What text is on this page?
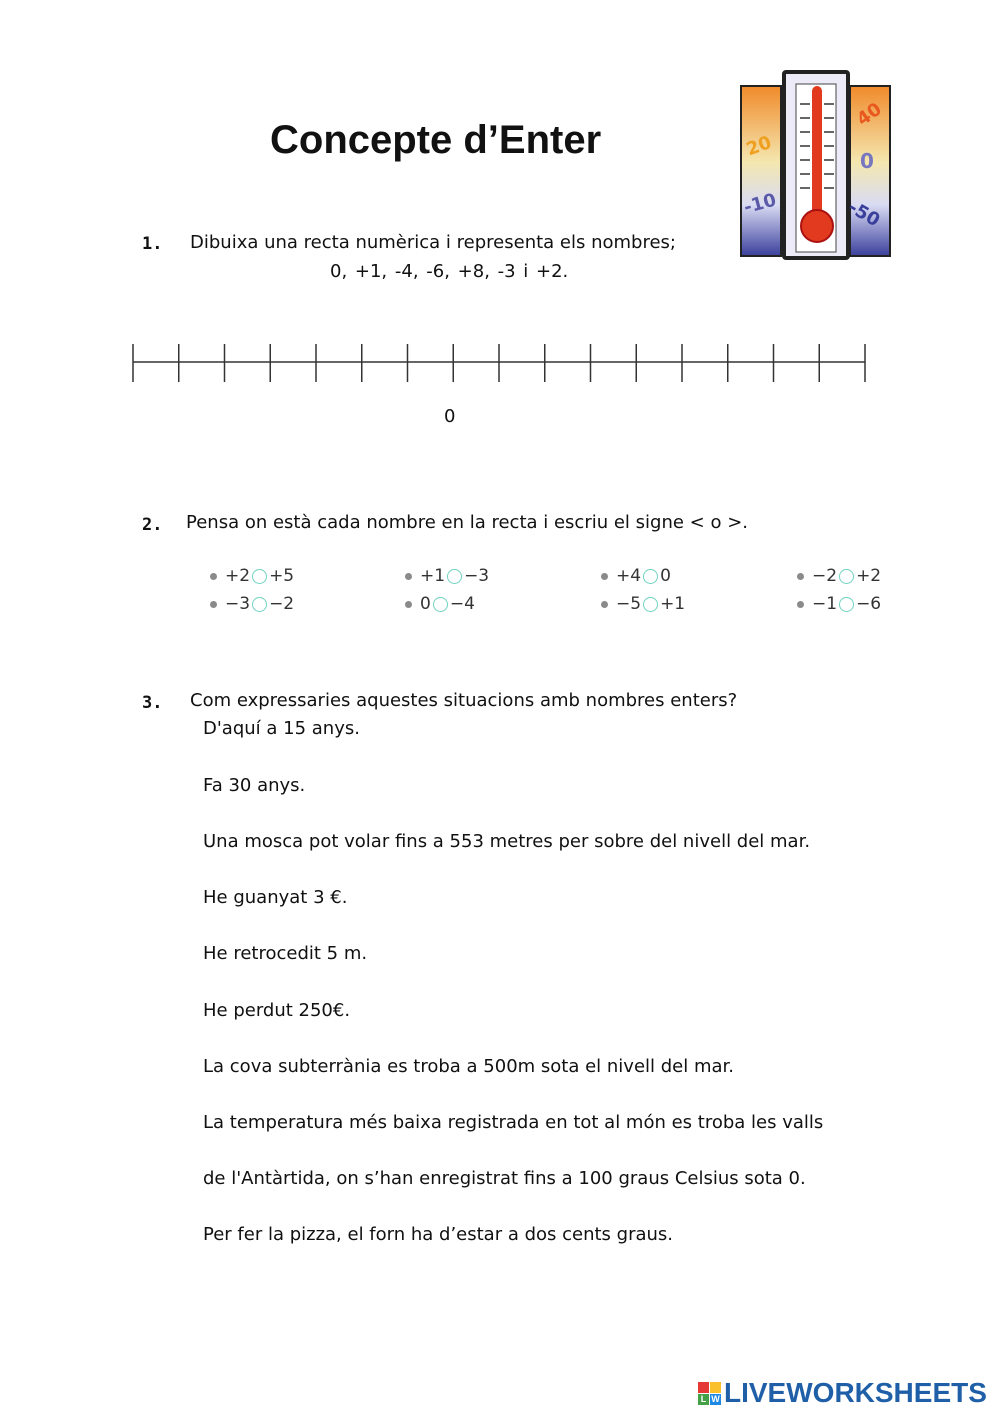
Concepte d’Enter	20
-10
40
0
-50
1. Dibuixa una recta numèrica i representa els nombres;
0, +1, -4, -6, +8, -3 i +2.
0
2. Pensa on està cada nombre en la recta i escriu el signe < o >.
+2 +5	+1 −3	+4 0	−2 +2
−3 −2	0 −4	−5 +1	−1 −6
3. Com expressaries aquestes situacions amb nombres enters?
D'aquí a 15 anys.
Fa 30 anys.
Una mosca pot volar fins a 553 metres per sobre del nivell del mar.
He guanyat 3 €.
He retrocedit 5 m.
He perdut 250€.
La cova subterrània es troba a 500m sota el nivell del mar.
La temperatura més baixa registrada en tot al món es troba les valls
de l'Antàrtida, on s’han enregistrat fins a 100 graus Celsius sota 0.
Per fer la pizza, el forn ha d’estar a dos cents graus.
L W LIVEWORKSHEETS
